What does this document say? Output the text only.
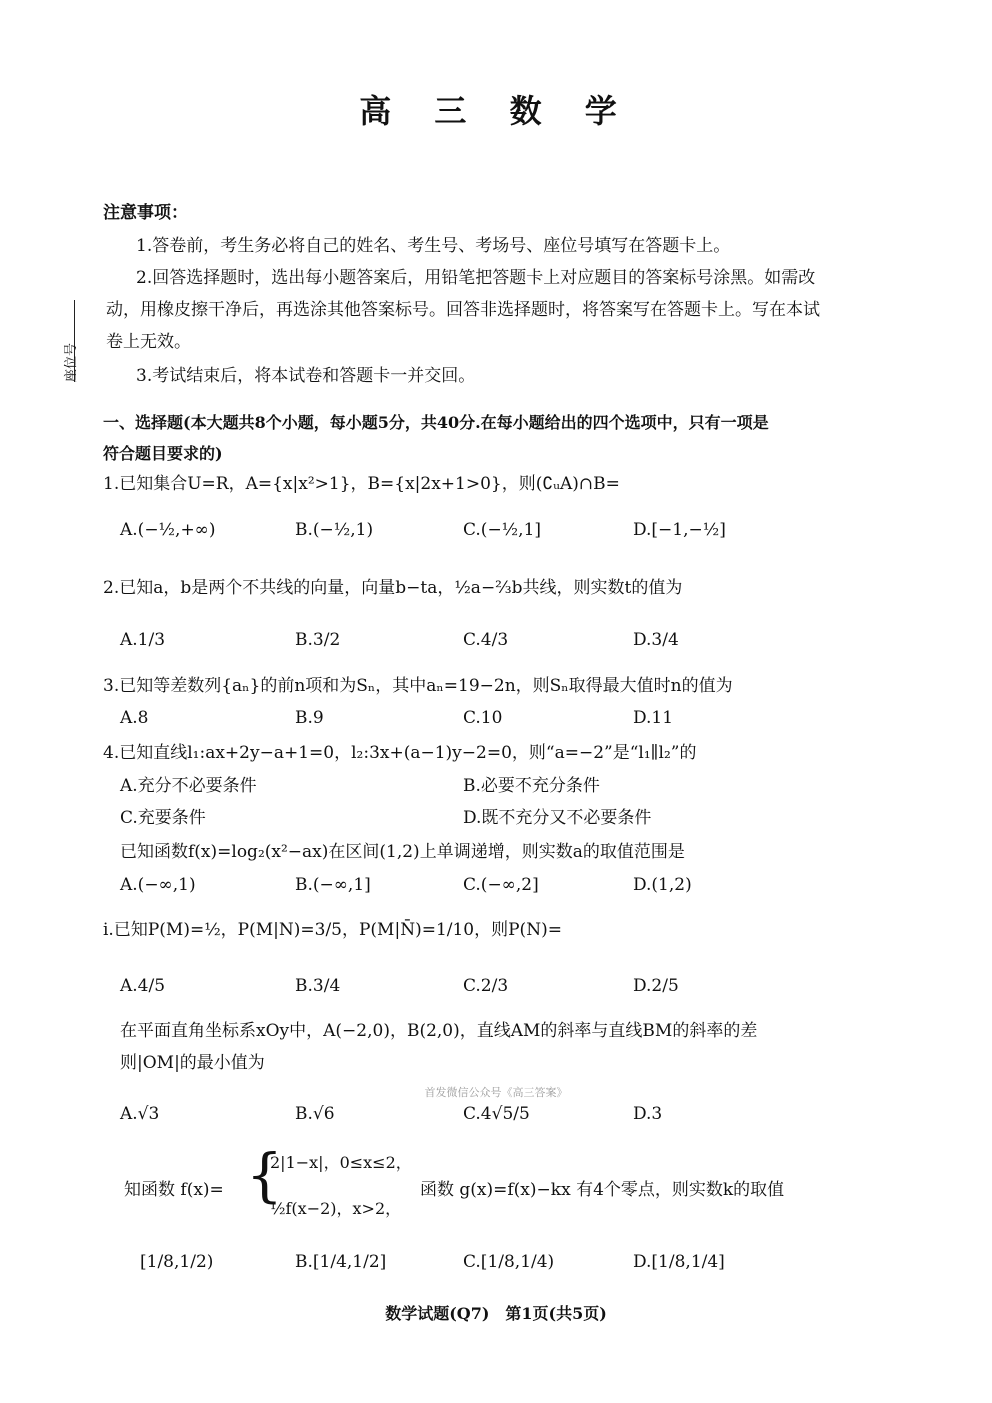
高 三 数 学
座位号
注意事项：
1.答卷前，考生务必将自己的姓名、考生号、考场号、座位号填写在答题卡上。
2.回答选择题时，选出每小题答案后，用铅笔把答题卡上对应题目的答案标号涂黑。如需改
动，用橡皮擦干净后，再选涂其他答案标号。回答非选择题时，将答案写在答题卡上。写在本试
卷上无效。
3.考试结束后，将本试卷和答题卡一并交回。
一、选择题(本大题共8个小题，每小题5分，共40分.在每小题给出的四个选项中，只有一项是
符合题目要求的)
1.已知集合U=R，A={x|x²>1}，B={x|2x+1>0}，则(∁ᵤA)∩B=
A.(−½,+∞)	B.(−½,1)	C.(−½,1]	D.[−1,−½]
2.已知a，b是两个不共线的向量，向量b−ta，½a−⅔b共线，则实数t的值为
A.1/3	B.3/2	C.4/3	D.3/4
3.已知等差数列{aₙ}的前n项和为Sₙ，其中aₙ=19−2n，则Sₙ取得最大值时n的值为
A.8	B.9	C.10	D.11
4.已知直线l₁:ax+2y−a+1=0，l₂:3x+(a−1)y−2=0，则“a=−2”是“l₁∥l₂”的
A.充分不必要条件	B.必要不充分条件
C.充要条件	D.既不充分又不必要条件
已知函数f(x)=log₂(x²−ax)在区间(1,2)上单调递增，则实数a的取值范围是
A.(−∞,1)	B.(−∞,1]	C.(−∞,2]	D.(1,2)
ⅰ.已知P(M)=½，P(M|N)=3/5，P(M|N̄)=1/10，则P(N)=
A.4/5	B.3/4	C.2/3	D.2/5
在平面直角坐标系xOy中，A(−2,0)，B(2,0)，直线AM的斜率与直线BM的斜率的差
则|OM|的最小值为
首发微信公众号《高三答案》
A.√3	B.√6	C.4√5/5	D.3
知函数 f(x)= {
2|1−x|，0≤x≤2，
½f(x−2)，x>2，
函数 g(x)=f(x)−kx 有4个零点，则实数k的取值
[1/8,1/2)	B.[1/4,1/2]	C.[1/8,1/4)	D.[1/8,1/4]
数学试题(Q7)　第1页(共5页)
